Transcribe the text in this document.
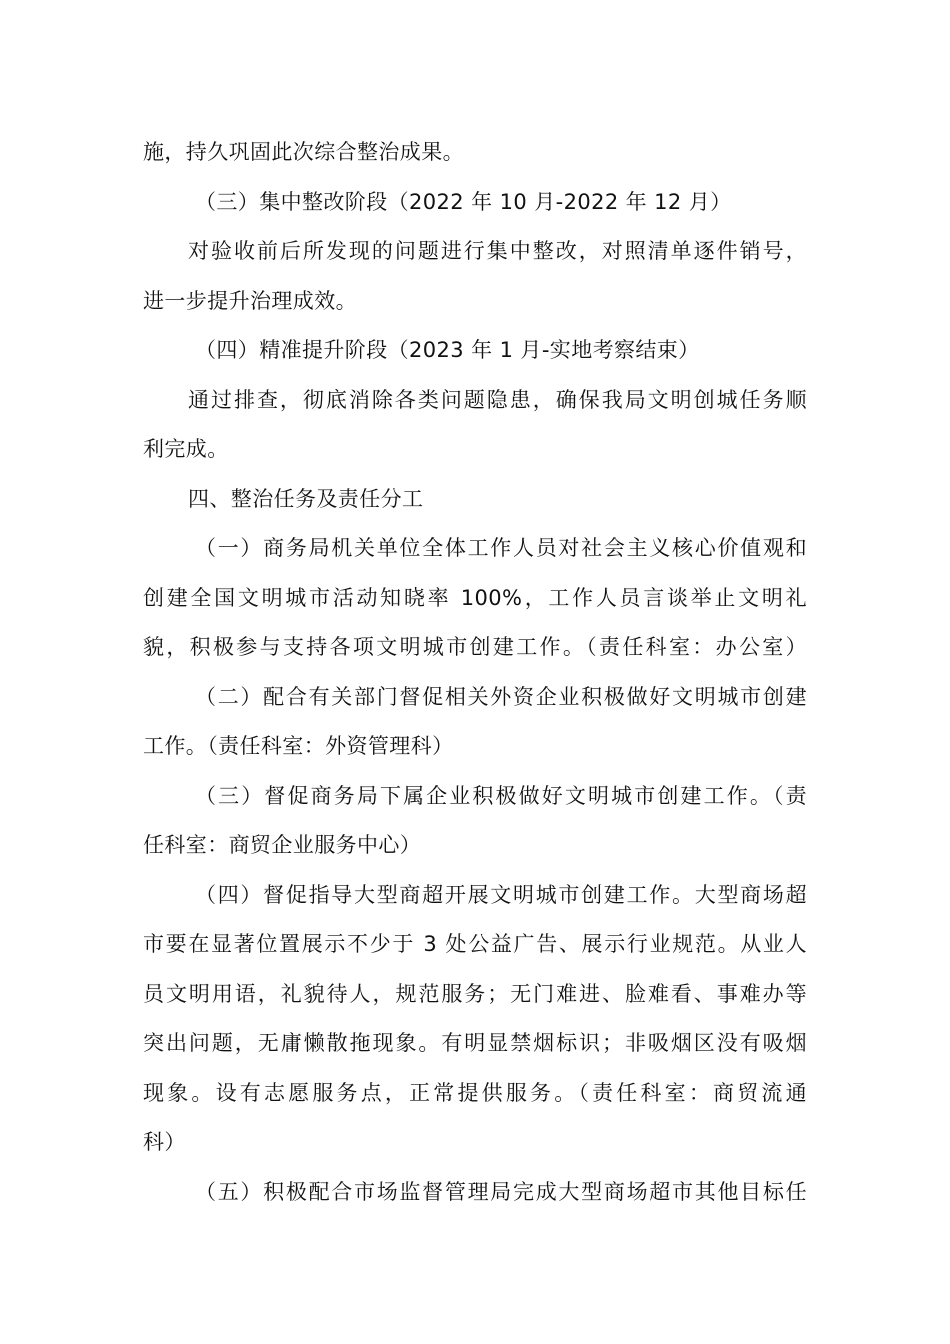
施，持久巩固此次综合整治成果。

（三）集中整改阶段（2022 年 10 月-2022 年 12 月）

对验收前后所发现的问题进行集中整改，对照清单逐件销号，

进一步提升治理成效。

（四）精准提升阶段（2023 年 1 月-实地考察结束）

通过排查，彻底消除各类问题隐患，确保我局文明创城任务顺

利完成。

四、整治任务及责任分工

（一）商务局机关单位全体工作人员对社会主义核心价值观和

创建全国文明城市活动知晓率 100%，工作人员言谈举止文明礼

貌，积极参与支持各项文明城市创建工作。（责任科室：办公室）

（二）配合有关部门督促相关外资企业积极做好文明城市创建

工作。（责任科室：外资管理科）

（三）督促商务局下属企业积极做好文明城市创建工作。（责

任科室：商贸企业服务中心）

（四）督促指导大型商超开展文明城市创建工作。大型商场超

市要在显著位置展示不少于 3 处公益广告、展示行业规范。从业人

员文明用语，礼貌待人，规范服务；无门难进、脸难看、事难办等

突出问题，无庸懒散拖现象。有明显禁烟标识；非吸烟区没有吸烟

现象。设有志愿服务点，正常提供服务。（责任科室：商贸流通

科）

（五）积极配合市场监督管理局完成大型商场超市其他目标任
